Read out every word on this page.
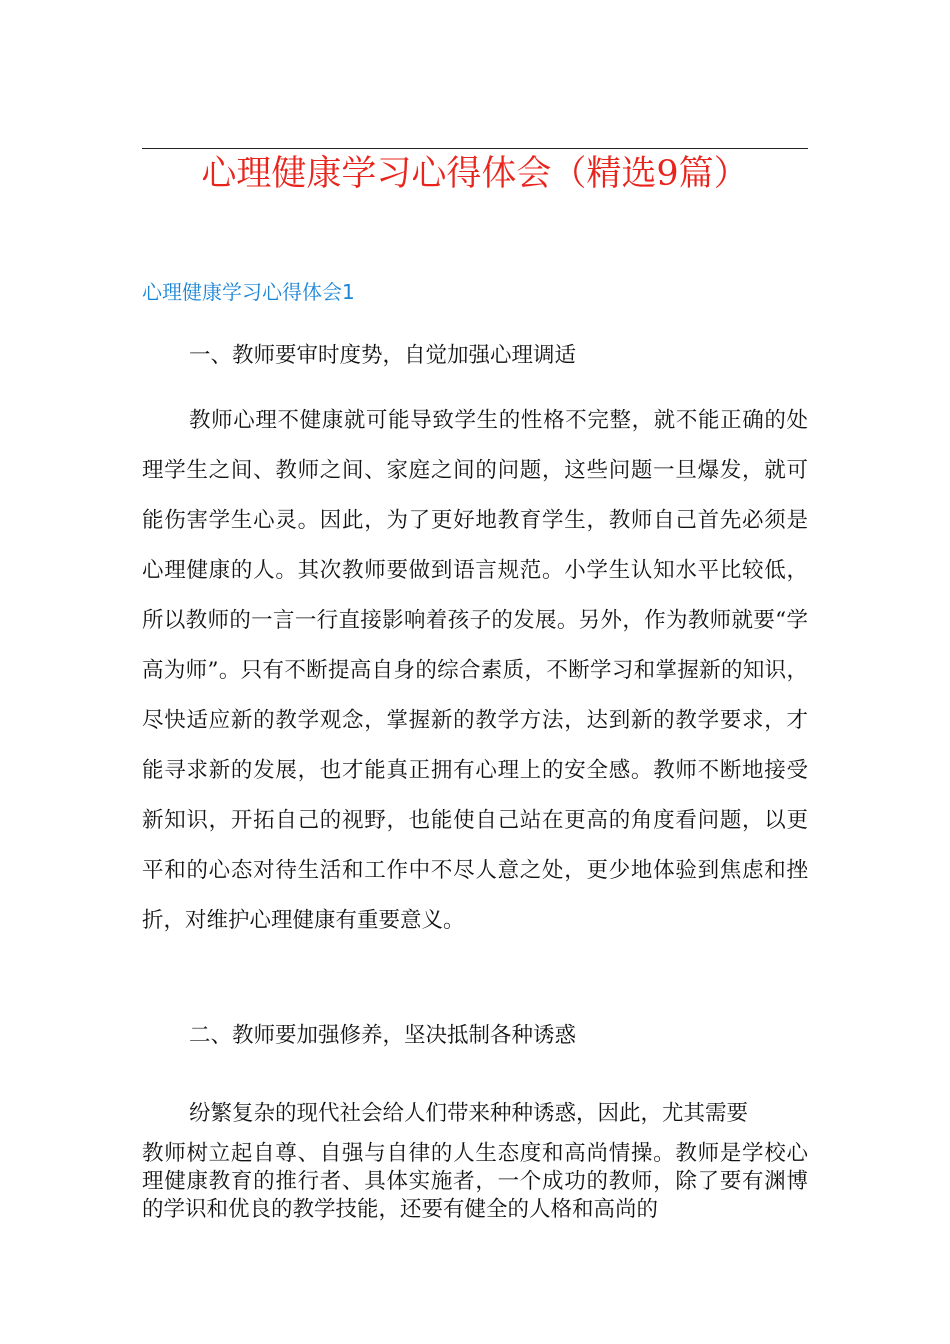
心理健康学习心得体会（精选9篇）
心理健康学习心得体会1
一、教师要审时度势，自觉加强心理调适

教师心理不健康就可能导致学生的性格不完整，就不能正确的处理学生之间、教师之间、家庭之间的问题，这些问题一旦爆发，就可能伤害学生心灵。因此，为了更好地教育学生，教师自己首先必须是心理健康的人。其次教师要做到语言规范。小学生认知水平比较低，所以教师的一言一行直接影响着孩子的发展。另外，作为教师就要“学高为师”。只有不断提高自身的综合素质，不断学习和掌握新的知识，尽快适应新的教学观念，掌握新的教学方法，达到新的教学要求，才能寻求新的发展，也才能真正拥有心理上的安全感。教师不断地接受新知识，开拓自己的视野，也能使自己站在更高的角度看问题，以更平和的心态对待生活和工作中不尽人意之处，更少地体验到焦虑和挫折，对维护心理健康有重要意义。

二、教师要加强修养，坚决抵制各种诱惑
纷繁复杂的现代社会给人们带来种种诱惑，因此，尤其需要

教师树立起自尊、自强与自律的人生态度和高尚情操。教师是学校心理健康教育的推行者、具体实施者，一个成功的教师，除了要有渊博的学识和优良的教学技能，还要有健全的人格和高尚的
